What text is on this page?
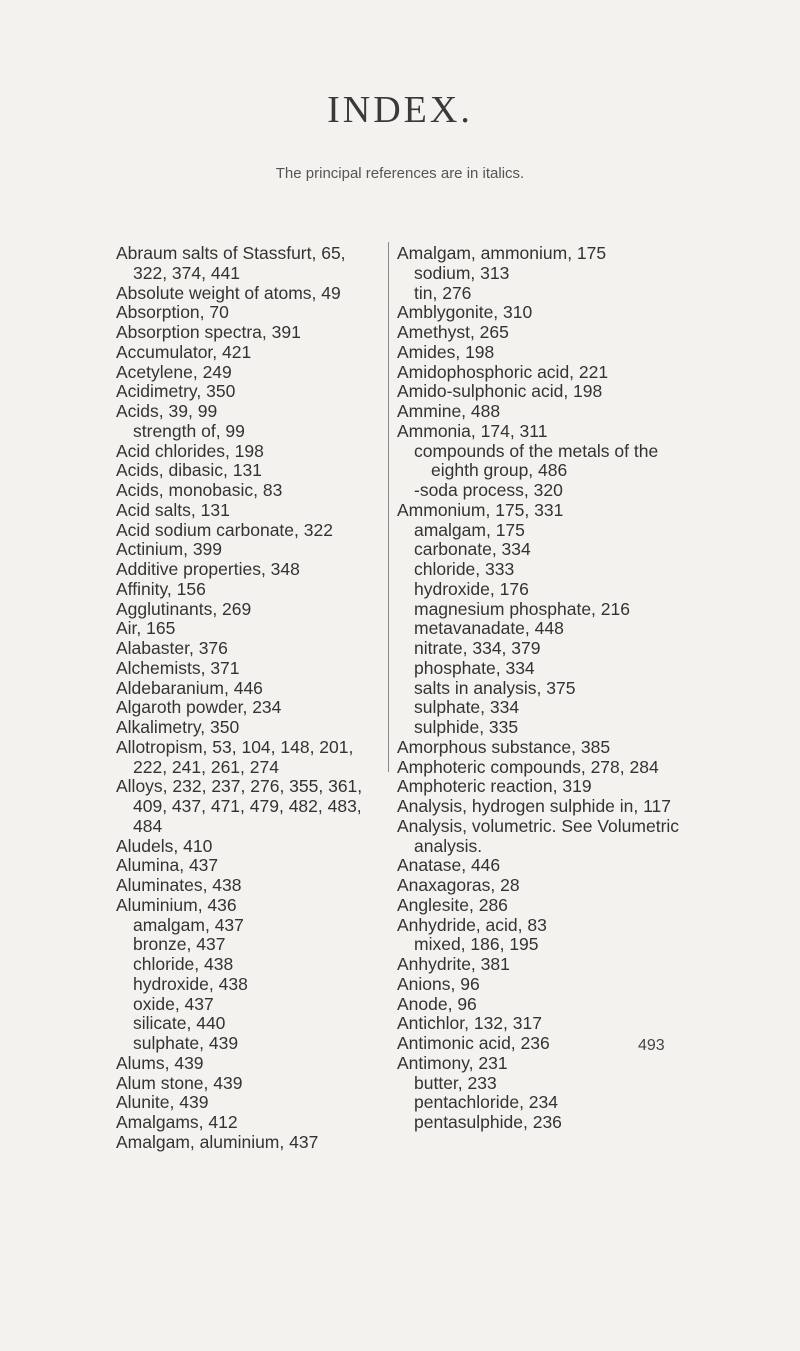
INDEX.
The principal references are in italics.
Abraum salts of Stassfurt, 65, 322, 374, 441
Absolute weight of atoms, 49
Absorption, 70
Absorption spectra, 391
Accumulator, 421
Acetylene, 249
Acidimetry, 350
Acids, 39, 99
strength of, 99
Acid chlorides, 198
Acids, dibasic, 131
Acids, monobasic, 83
Acid salts, 131
Acid sodium carbonate, 322
Actinium, 399
Additive properties, 348
Affinity, 156
Agglutinants, 269
Air, 165
Alabaster, 376
Alchemists, 371
Aldebaranium, 446
Algaroth powder, 234
Alkalimetry, 350
Allotropism, 53, 104, 148, 201, 222, 241, 261, 274
Alloys, 232, 237, 276, 355, 361, 409, 437, 471, 479, 482, 483, 484
Aludels, 410
Alumina, 437
Aluminates, 438
Aluminium, 436
amalgam, 437
bronze, 437
chloride, 438
hydroxide, 438
oxide, 437
silicate, 440
sulphate, 439
Alums, 439
Alum stone, 439
Alunite, 439
Amalgams, 412
Amalgam, aluminium, 437
Amalgam, ammonium, 175
sodium, 313
tin, 276
Amblygonite, 310
Amethyst, 265
Amides, 198
Amidophosphoric acid, 221
Amido-sulphonic acid, 198
Ammine, 488
Ammonia, 174, 311
compounds of the metals of the eighth group, 486
-soda process, 320
Ammonium, 175, 331
amalgam, 175
carbonate, 334
chloride, 333
hydroxide, 176
magnesium phosphate, 216
metavanadate, 448
nitrate, 334, 379
phosphate, 334
salts in analysis, 375
sulphate, 334
sulphide, 335
Amorphous substance, 385
Amphoteric compounds, 278, 284
Amphoteric reaction, 319
Analysis, hydrogen sulphide in, 117
Analysis, volumetric. See Volumetric analysis.
Anatase, 446
Anaxagoras, 28
Anglesite, 286
Anhydride, acid, 83
mixed, 186, 195
Anhydrite, 381
Anions, 96
Anode, 96
Antichlor, 132, 317
Antimonic acid, 236
Antimony, 231
butter, 233
pentachloride, 234
pentasulphide, 236
493
